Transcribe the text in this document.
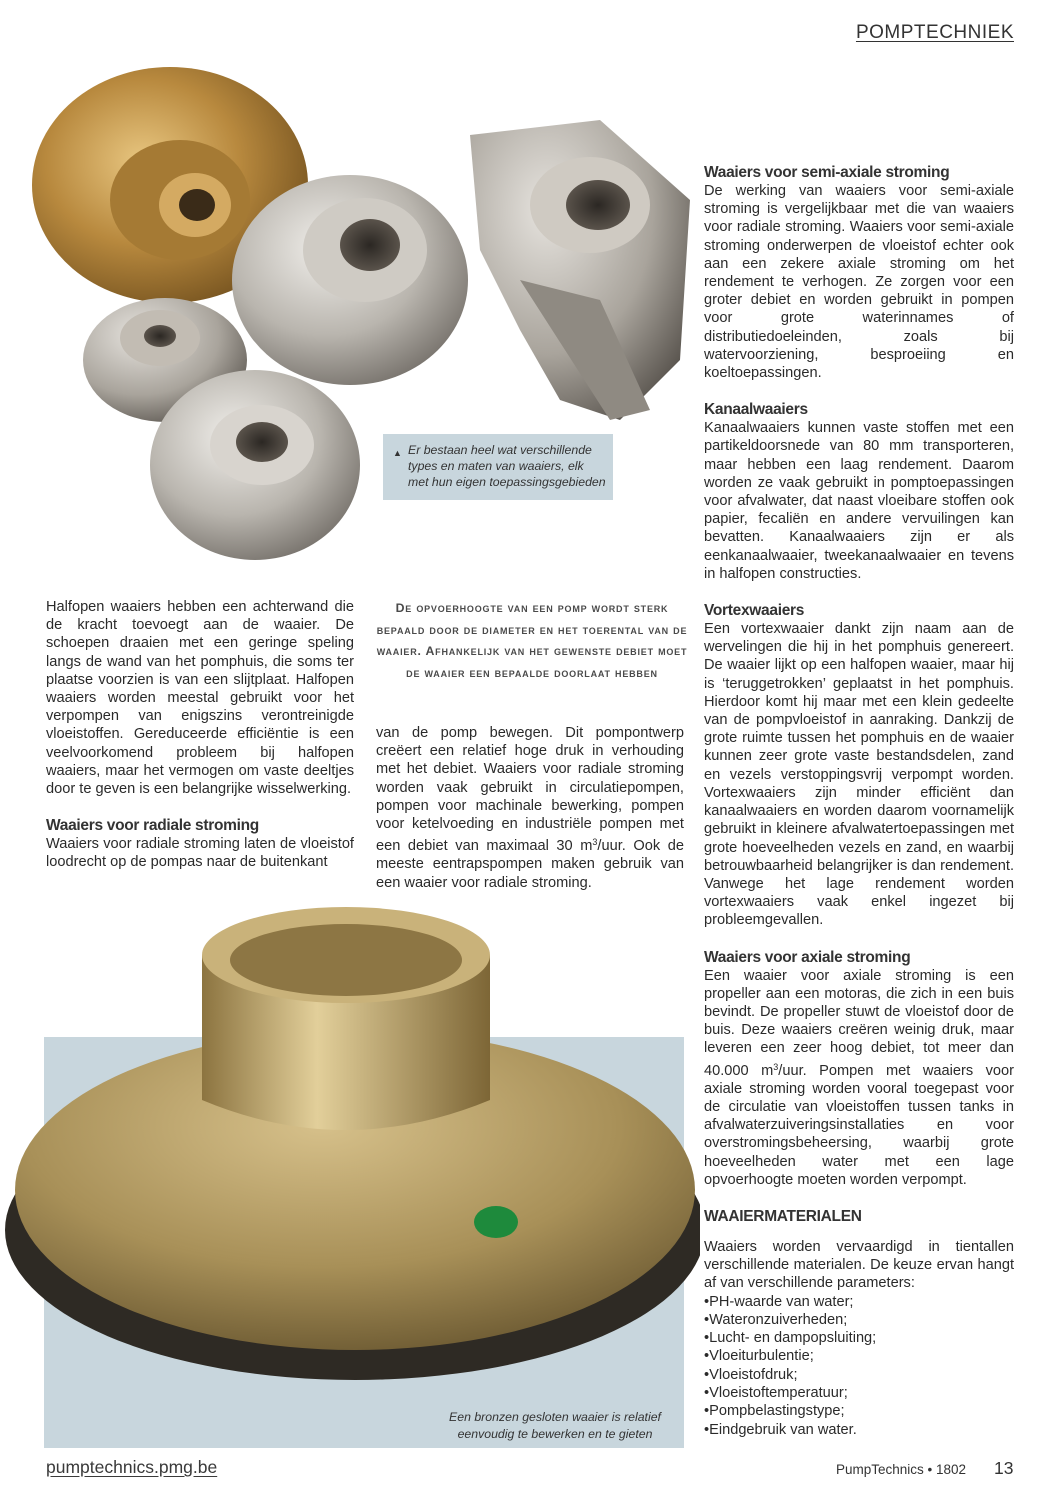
POMPTECHNIEK
▲ Er bestaan heel wat verschillende types en maten van waaiers, elk met hun eigen toepassingsgebieden

Halfopen waaiers hebben een achterwand die de kracht toevoegt aan de waaier. De schoepen draaien met een geringe speling langs de wand van het pomphuis, die soms ter plaatse voorzien is van een slijtplaat. Halfopen waaiers worden meestal gebruikt voor het verpompen van enigszins verontreinigde vloeistoffen. Gereduceerde efficiëntie is een veelvoorkomend probleem bij halfopen waaiers, maar het vermogen om vaste deeltjes door te geven is een belangrijke wisselwerking.

Waaiers voor radiale stroming

Waaiers voor radiale stroming laten de vloeistof loodrecht op de pompas naar de buitenkant

De opvoerhoogte van een pomp wordt sterk bepaald door de diameter en het toerental van de waaier. Afhankelijk van het gewenste debiet moet de waaier een bepaalde doorlaat hebben

van de pomp bewegen. Dit pompontwerp creëert een relatief hoge druk in verhouding met het debiet. Waaiers voor radiale stroming worden vaak gebruikt in circulatiepompen, pompen voor machinale bewerking, pompen voor ketelvoeding en industriële pompen met een debiet van maximaal 30 $m^3$/uur. Ook de meeste eentrapspompen maken gebruik van een waaier voor radiale stroming.

Een bronzen gesloten waaier is relatief eenvoudig te bewerken en te gieten
Waaiers voor semi-axiale stroming

De werking van waaiers voor semi-axiale stroming is vergelijkbaar met die van waaiers voor radiale stroming. Waaiers voor semi-axiale stroming onderwerpen de vloeistof echter ook aan een zekere axiale stroming om het rendement te verhogen. Ze zorgen voor een groter debiet en worden gebruikt in pompen voor grote waterinnames of distributiedoeleinden, zoals bij watervoorziening, besproeiing en koeltoepassingen.

Kanaalwaaiers

Kanaalwaaiers kunnen vaste stoffen met een partikeldoorsnede van 80 mm transporteren, maar hebben een laag rendement. Daarom worden ze vaak gebruikt in pomptoepassingen voor afvalwater, dat naast vloeibare stoffen ook papier, fecaliën en andere vervuilingen kan bevatten. Kanaalwaaiers zijn er als eenkanaalwaaier, tweekanaalwaaier en tevens in halfopen constructies.

Vortexwaaiers

Een vortexwaaier dankt zijn naam aan de wervelingen die hij in het pomphuis genereert. De waaier lijkt op een halfopen waaier, maar hij is ‘teruggetrokken’ geplaatst in het pomphuis. Hierdoor komt hij maar met een klein gedeelte van de pompvloeistof in aanraking. Dankzij de grote ruimte tussen het pomphuis en de waaier kunnen zeer grote vaste bestandsdelen, zand en vezels verstoppingsvrij verpompt worden. Vortexwaaiers zijn minder efficiënt dan kanaalwaaiers en worden daarom voornamelijk gebruikt in kleinere afvalwatertoepassingen met grote hoeveelheden vezels en zand, en waarbij betrouwbaarheid belangrijker is dan rendement. Vanwege het lage rendement worden vortexwaaiers vaak enkel ingezet bij probleemgevallen.

Waaiers voor axiale stroming

Een waaier voor axiale stroming is een propeller aan een motoras, die zich in een buis bevindt. De propeller stuwt de vloeistof door de buis. Deze waaiers creëren weinig druk, maar leveren een zeer hoog debiet, tot meer dan 40.000 $m^3$/uur. Pompen met waaiers voor axiale stroming worden vooral toegepast voor de circulatie van vloeistoffen tussen tanks in afvalwaterzuiveringsinstallaties en voor overstromingsbeheersing, waarbij grote hoeveelheden water met een lage opvoerhoogte moeten worden verpompt.

WAAIERMATERIALEN

Waaiers worden vervaardigd in tientallen verschillende materialen. De keuze ervan hangt af van verschillende parameters:

•PH-waarde van water;
•Wateronzuiverheden;
•Lucht- en dampopsluiting;
•Vloeiturbulentie;
•Vloeistofdruk;
•Vloeistoftemperatuur;
•Pompbelastingstype;
•Eindgebruik van water.
pumptechnics.pmg.be	PumpTechnics • 1802 13
